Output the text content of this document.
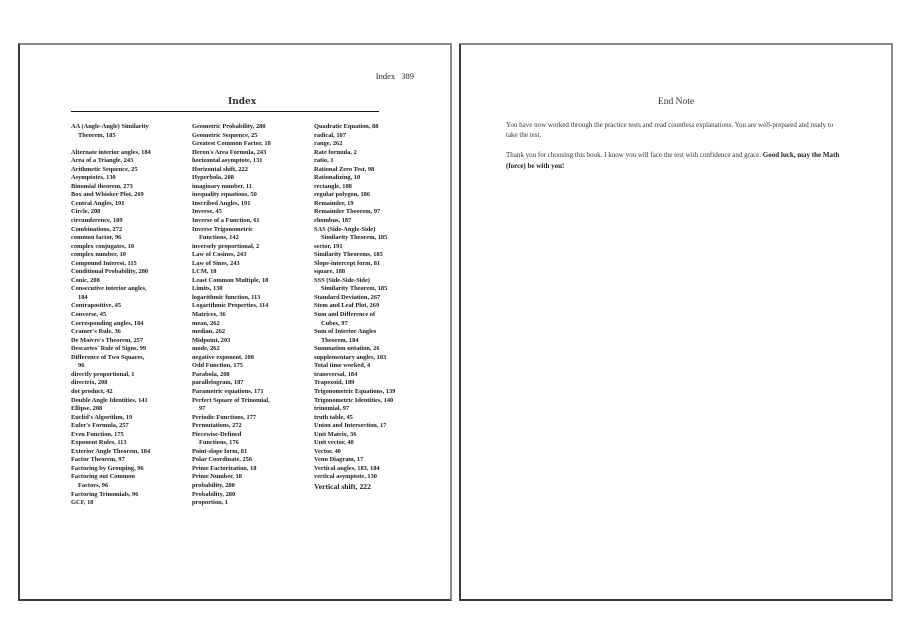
Index 389
Index
AA (Angle-Angle) Similarity
Theorem, 185
Alternate interior angles, 184
Area of a Triangle, 243
Arithmetic Sequence, 25
Asymptotes, 130
Binomial theorem, 273
Box and Whisker Plot, 269
Central Angles, 191
Circle, 208
circumference, 189
Combinations, 272
common factor, 96
complex conjugates, 10
complex number, 10
Compound Interest, 115
Conditional Probability, 280
Conic, 208
Consecutive interior angles,
184
Contrapositive, 45
Converse, 45
Corresponding angles, 184
Cramer's Rule, 36
De Moivre's Theorem, 257
Descartes' Rule of Signs, 99
Difference of Two Squares,
96
directly proportional, 1
directrix, 208
dot product, 42
Double Angle Identities, 141
Ellipse, 208
Euclid's Algorithm, 19
Euler's Formula, 257
Even Function, 175
Exponent Rules, 113
Exterior Angle Theorem, 184
Factor Theorem, 97
Factoring by Grouping, 96
Factoring out Common
Factors, 96
Factoring Trinomials, 96
GCF, 18
Geometric Probability, 280
Geometric Sequence, 25
Greatest Common Factor, 18
Heron's Area Formula, 243
horizontal asymptote, 131
Horizontal shift, 222
Hyperbola, 208
imaginary number, 11
inequality equations, 50
Inscribed Angles, 191
Inverse, 45
Inverse of a Function, 61
Inverse Trigonometric
Functions, 142
inversely proportional, 2
Law of Cosines, 243
Law of Sines, 243
LCM, 18
Least Common Multiple, 18
Limits, 130
logarithmic function, 113
Logarithmic Properties, 114
Matrices, 36
mean, 262
median, 262
Midpoint, 203
mode, 262
negative exponent, 108
Odd Function, 175
Parabola, 208
parallelogram, 187
Parametric equations, 171
Perfect Square of Trinomial,
97
Periodic Functions, 177
Permutations, 272
Piecewise-Defined
Functions, 176
Point-slope form, 81
Polar Coordinate, 256
Prime Factorization, 18
Prime Number, 18
probability, 280
Probability, 280
proportion, 1
Quadratic Equation, 88
radical, 107
range, 262
Rate formula, 2
ratio, 1
Rational Zero Test, 98
Rationalizing, 10
rectangle, 188
regular polygon, 186
Remainder, 19
Remainder Theorem, 97
rhombus, 187
SAS (Side-Angle-Side)
Similarity Theorem, 185
sector, 191
Similarity Theorems, 185
Slope-intercept form, 81
square, 188
SSS (Side-Side-Side)
Similarity Theorem, 185
Standard Deviation, 267
Stem and Leaf Plot, 269
Sum and Difference of
Cubes, 97
Sum of Interior Angles
Theorem, 184
Summation notation, 26
supplementary angles, 183
Total time worked, 4
transversal, 184
Trapezoid, 189
Trigonometric Equations, 139
Trigonometric Identities, 140
trinomial, 97
truth table, 45
Union and Intersection, 17
Unit Matrix, 36
Unit vector, 40
Vector, 40
Venn Diagram, 17
Vertical angles, 183, 184
vertical asymptote, 130
Vertical shift, 222
End Note

You have now worked through the practice tests and read countless explanations. You are well-prepared and ready to take the test.

Thank you for choosing this book. I know you will face the test with confidence and grace. Good luck, may the Math (force) be with you!
